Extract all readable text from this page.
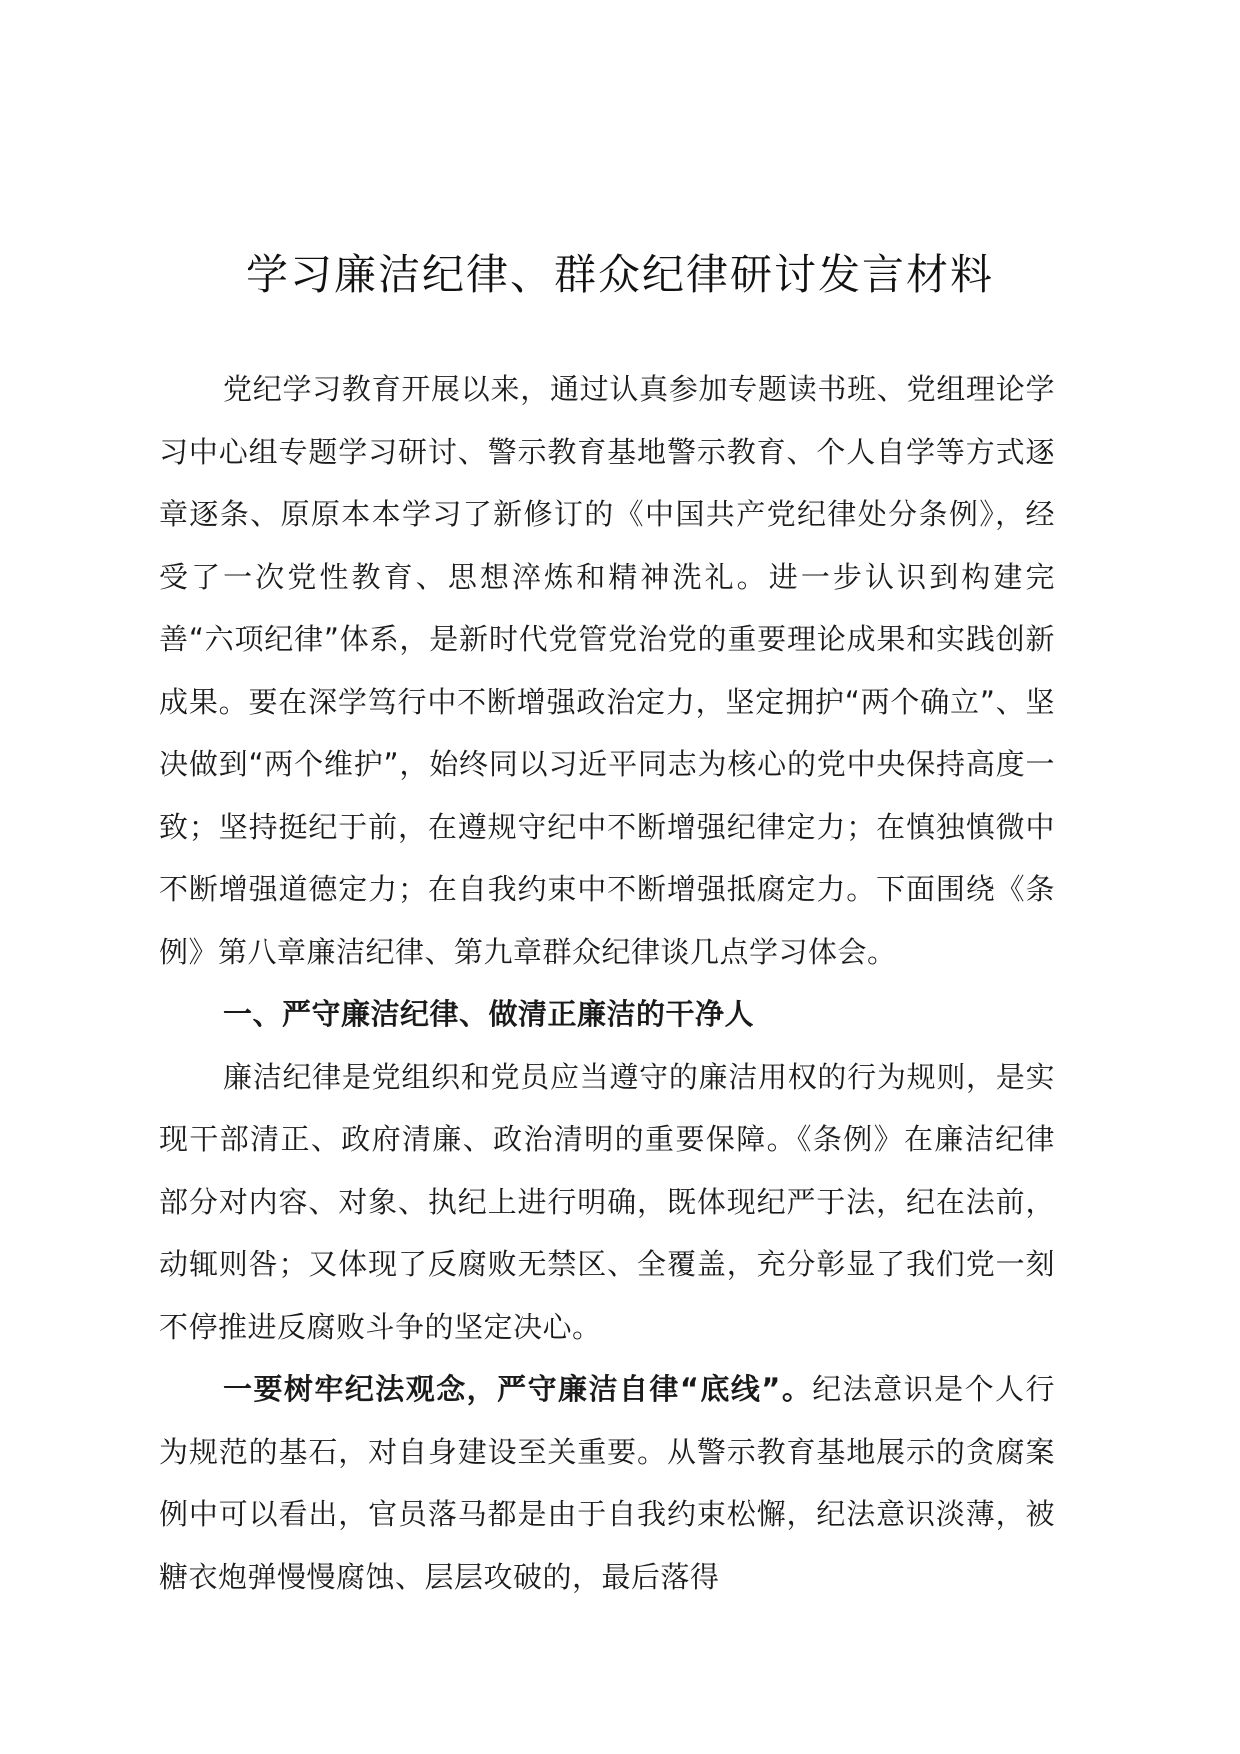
学习廉洁纪律、群众纪律研讨发言材料

党纪学习教育开展以来，通过认真参加专题读书班、党组理论学习中心组专题学习研讨、警示教育基地警示教育、个人自学等方式逐章逐条、原原本本学习了新修订的《中国共产党纪律处分条例》，经受了一次党性教育、思想淬炼和精神洗礼。进一步认识到构建完善“六项纪律”体系，是新时代党管党治党的重要理论成果和实践创新成果。要在深学笃行中不断增强政治定力，坚定拥护“两个确立”、坚决做到“两个维护”，始终同以习近平同志为核心的党中央保持高度一致；坚持挺纪于前，在遵规守纪中不断增强纪律定力；在慎独慎微中不断增强道德定力；在自我约束中不断增强抵腐定力。下面围绕《条例》第八章廉洁纪律、第九章群众纪律谈几点学习体会。

一、严守廉洁纪律、做清正廉洁的干净人

廉洁纪律是党组织和党员应当遵守的廉洁用权的行为规则，是实现干部清正、政府清廉、政治清明的重要保障。《条例》在廉洁纪律部分对内容、对象、执纪上进行明确，既体现纪严于法，纪在法前，动辄则咎；又体现了反腐败无禁区、全覆盖，充分彰显了我们党一刻不停推进反腐败斗争的坚定决心。

一要树牢纪法观念，严守廉洁自律“底线”。纪法意识是个人行为规范的基石，对自身建设至关重要。从警示教育基地展示的贪腐案例中可以看出，官员落马都是由于自我约束松懈，纪法意识淡薄，被糖衣炮弹慢慢腐蚀、层层攻破的，最后落得
